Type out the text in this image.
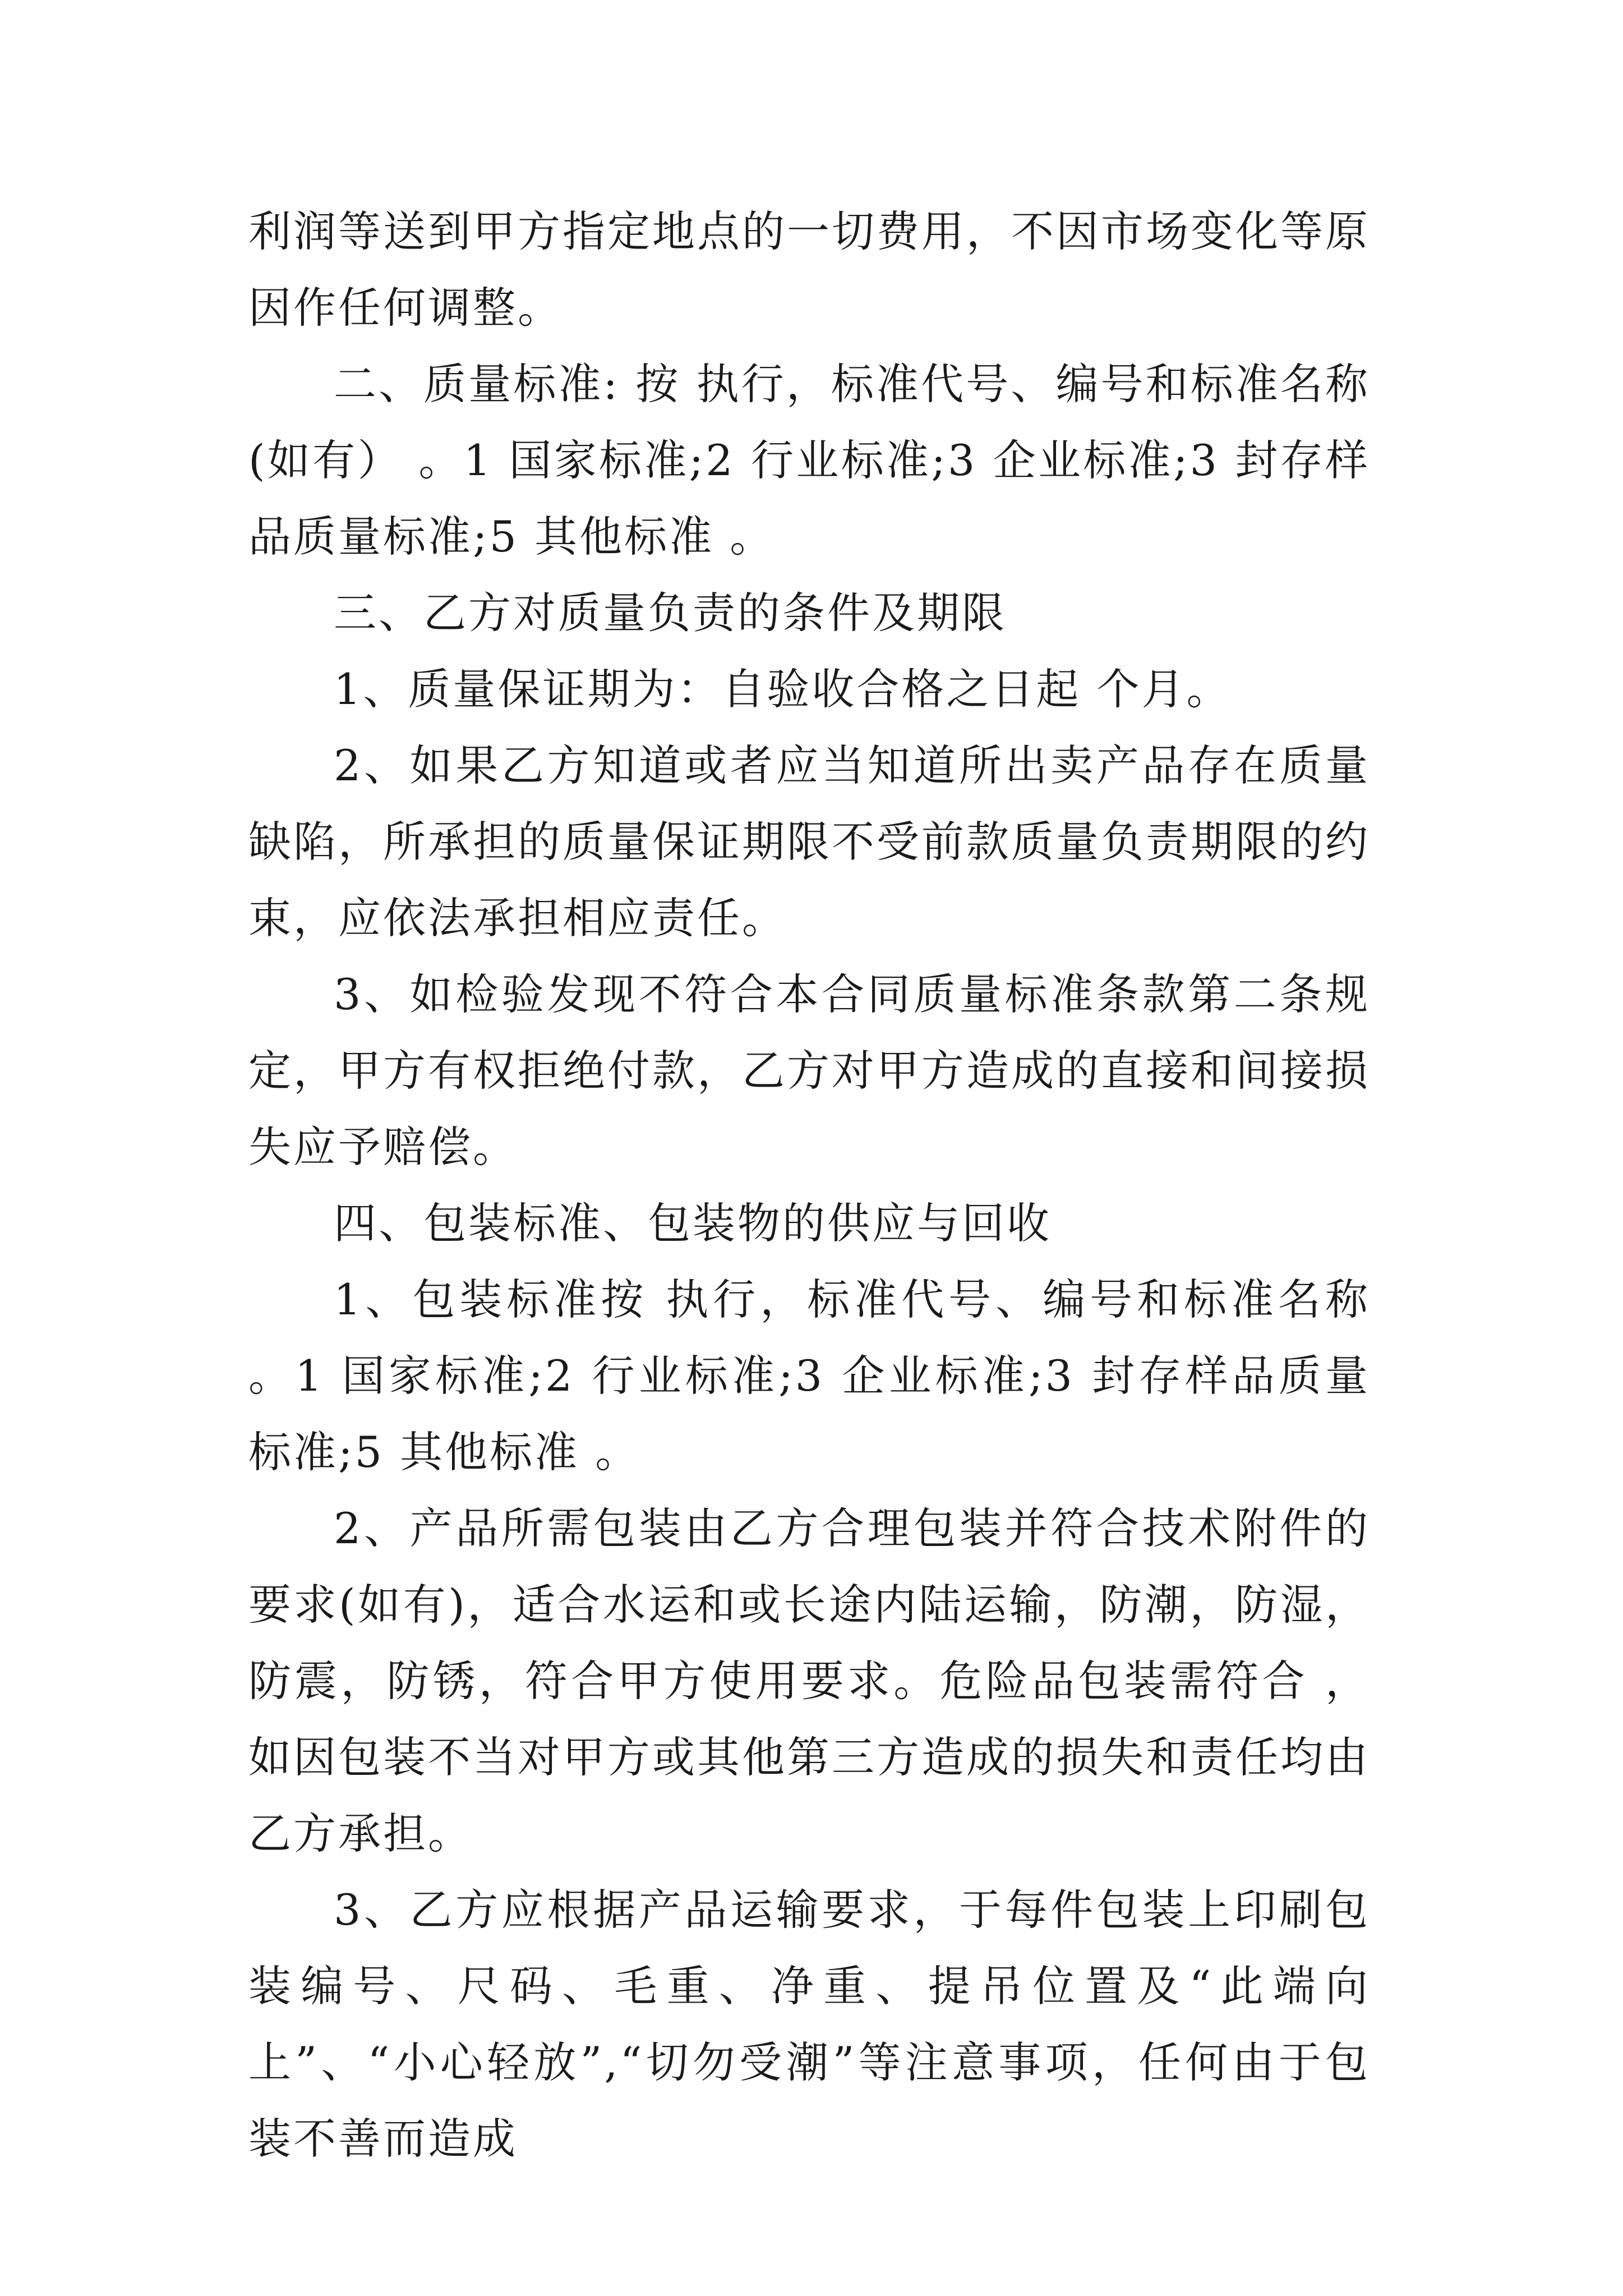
利润等送到甲方指定地点的一切费用，不因市场变化等原因作任何调整。

二、质量标准: 按 执行，标准代号、编号和标准名称(如有） 。1 国家标准;2 行业标准;3 企业标准;3 封存样品质量标准;5 其他标准 。

三、乙方对质量负责的条件及期限

1、质量保证期为：自验收合格之日起 个月。

2、如果乙方知道或者应当知道所出卖产品存在质量缺陷，所承担的质量保证期限不受前款质量负责期限的约束，应依法承担相应责任。

3、如检验发现不符合本合同质量标准条款第二条规定，甲方有权拒绝付款，乙方对甲方造成的直接和间接损失应予赔偿。

四、包装标准、包装物的供应与回收

1、包装标准按 执行，标准代号、编号和标准名称 。1 国家标准;2 行业标准;3 企业标准;3 封存样品质量标准;5 其他标准 。

2、产品所需包装由乙方合理包装并符合技术附件的要求(如有)，适合水运和或长途内陆运输，防潮，防湿，防震，防锈，符合甲方使用要求。危险品包装需符合 ，如因包装不当对甲方或其他第三方造成的损失和责任均由乙方承担。

3、乙方应根据产品运输要求，于每件包装上印刷包装编号、尺码、毛重、净重、提吊位置及“此端向上”、“小心轻放”,“切勿受潮”等注意事项，任何由于包装不善而造成
